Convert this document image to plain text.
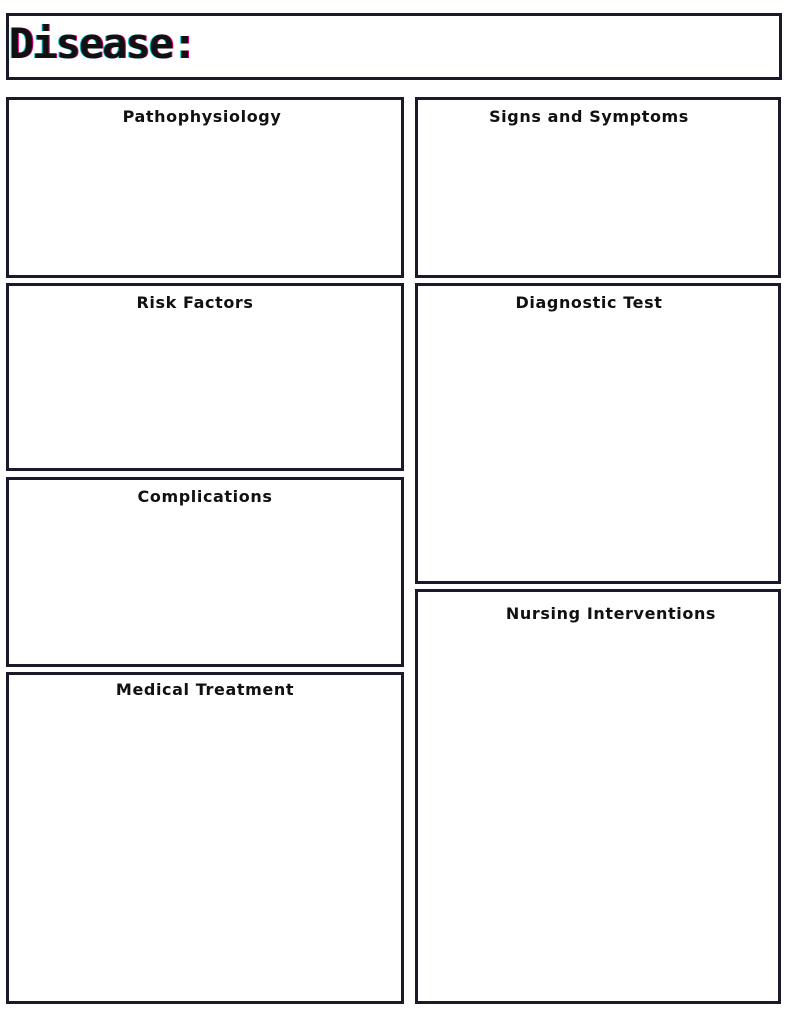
Disease:
Pathophysiology	Signs and Symptoms
Risk Factors	Diagnostic Test
Complications
Nursing Interventions
Medical Treatment
